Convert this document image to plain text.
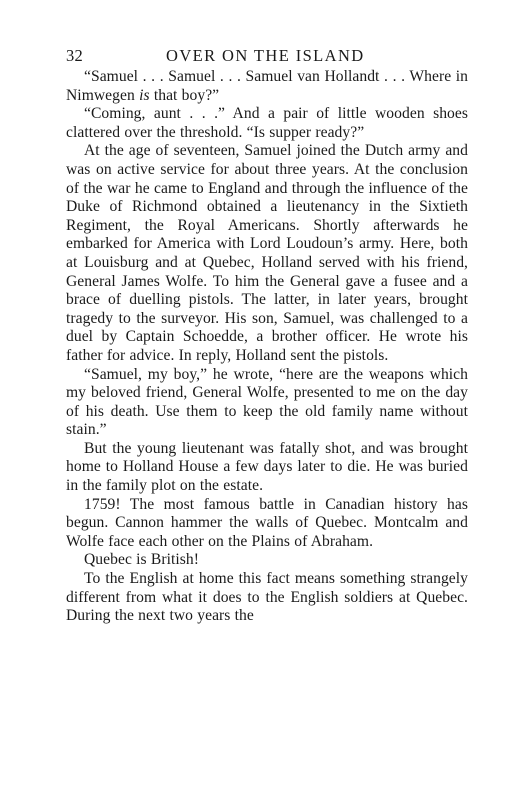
32	OVER ON THE ISLAND

“Samuel . . . Samuel . . . Samuel van Hollandt . . . Where in Nimwegen is that boy?”

“Coming, aunt . . .” And a pair of little wooden shoes clattered over the threshold. “Is supper ready?”

At the age of seventeen, Samuel joined the Dutch army and was on active service for about three years. At the conclusion of the war he came to England and through the influence of the Duke of Richmond obtained a lieutenancy in the Sixtieth Regiment, the Royal Americans. Shortly afterwards he embarked for America with Lord Loudoun’s army. Here, both at Louisburg and at Quebec, Holland served with his friend, General James Wolfe. To him the General gave a fusee and a brace of duelling pistols. The latter, in later years, brought tragedy to the surveyor. His son, Samuel, was challenged to a duel by Captain Schoedde, a brother officer. He wrote his father for advice. In reply, Holland sent the pistols.

“Samuel, my boy,” he wrote, “here are the weapons which my beloved friend, General Wolfe, presented to me on the day of his death. Use them to keep the old family name without stain.”

But the young lieutenant was fatally shot, and was brought home to Holland House a few days later to die. He was buried in the family plot on the estate.

1759! The most famous battle in Canadian history has begun. Cannon hammer the walls of Quebec. Montcalm and Wolfe face each other on the Plains of Abraham.

Quebec is British!

To the English at home this fact means something strangely different from what it does to the English soldiers at Quebec. During the next two years the
